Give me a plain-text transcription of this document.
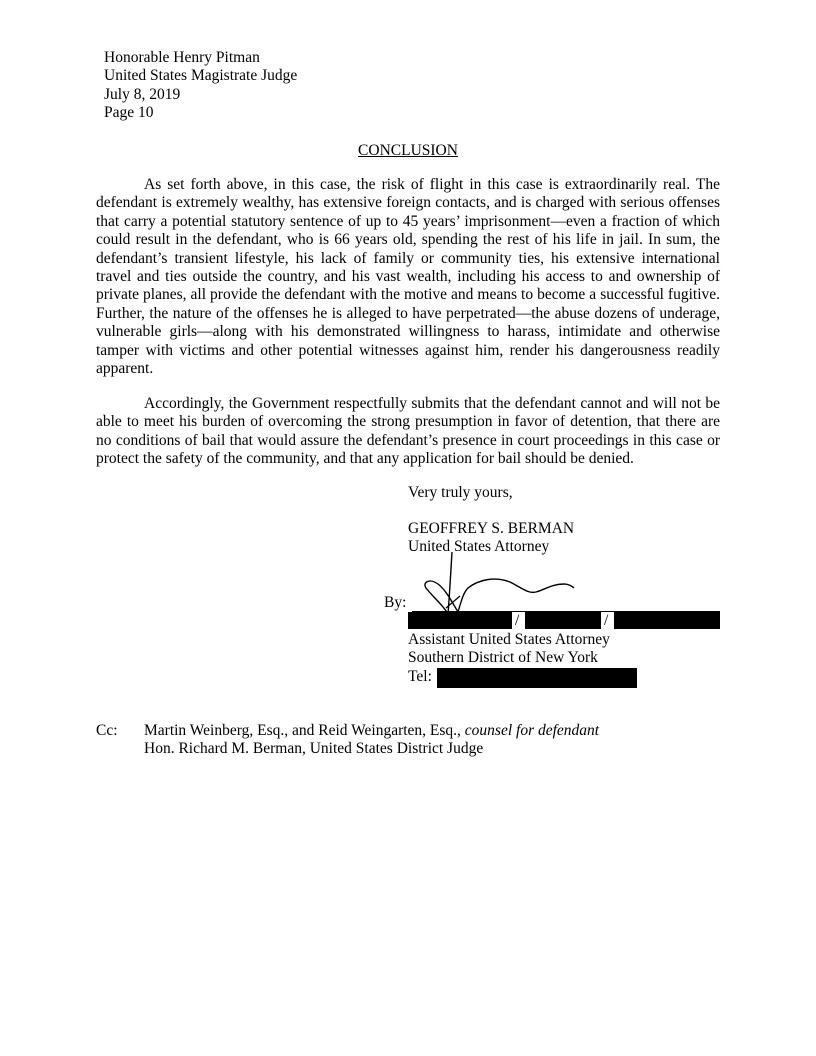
Honorable Henry Pitman
United States Magistrate Judge
July 8, 2019
Page 10
CONCLUSION

As set forth above, in this case, the risk of flight in this case is extraordinarily real. The defendant is extremely wealthy, has extensive foreign contacts, and is charged with serious offenses that carry a potential statutory sentence of up to 45 years’ imprisonment—even a fraction of which could result in the defendant, who is 66 years old, spending the rest of his life in jail. In sum, the defendant’s transient lifestyle, his lack of family or community ties, his extensive international travel and ties outside the country, and his vast wealth, including his access to and ownership of private planes, all provide the defendant with the motive and means to become a successful fugitive. Further, the nature of the offenses he is alleged to have perpetrated—the abuse dozens of underage, vulnerable girls—along with his demonstrated willingness to harass, intimidate and otherwise tamper with victims and other potential witnesses against him, render his dangerousness readily apparent.

Accordingly, the Government respectfully submits that the defendant cannot and will not be able to meet his burden of overcoming the strong presumption in favor of detention, that there are no conditions of bail that would assure the defendant’s presence in court proceedings in this case or protect the safety of the community, and that any application for bail should be denied.

Very truly yours,
GEOFFREY S. BERMAN
United States Attorney
By:
/	/
Assistant United States Attorney
Southern District of New York
Tel:
Cc: Martin Weinberg, Esq., and Reid Weingarten, Esq., counsel for defendant
Hon. Richard M. Berman, United States District Judge
